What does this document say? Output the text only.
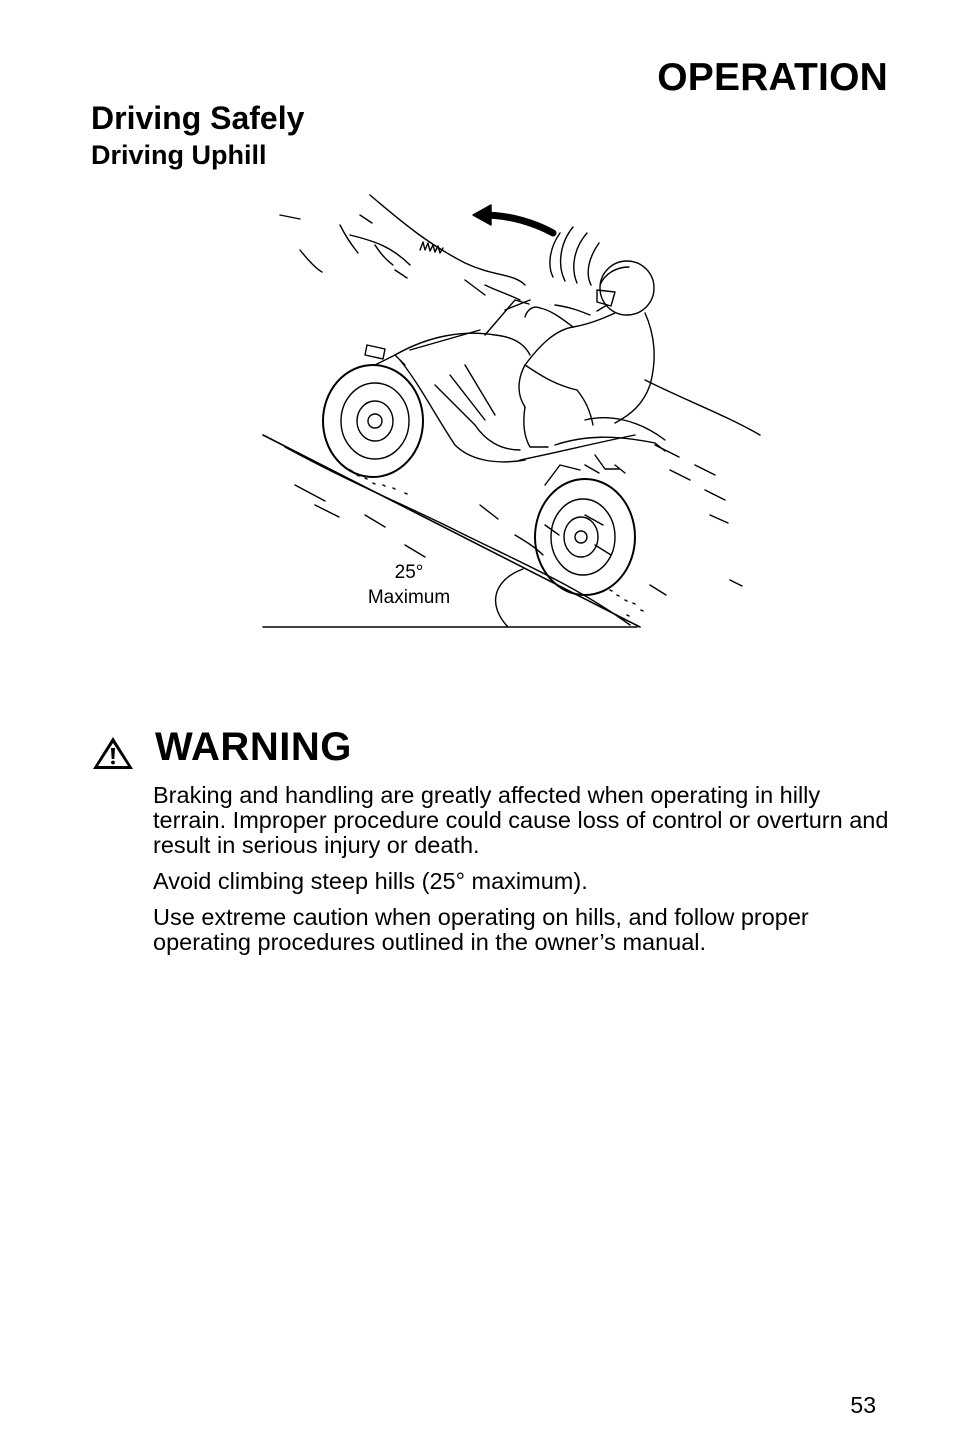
OPERATION
Driving Safely
Driving Uphill
25°
Maximum
WARNING

Braking and handling are greatly affected when operating in hilly terrain. Improper procedure could cause loss of control or overturn and result in serious injury or death.

Avoid climbing steep hills (25° maximum).

Use extreme caution when operating on hills, and follow proper operating procedures outlined in the owner’s manual.

53
